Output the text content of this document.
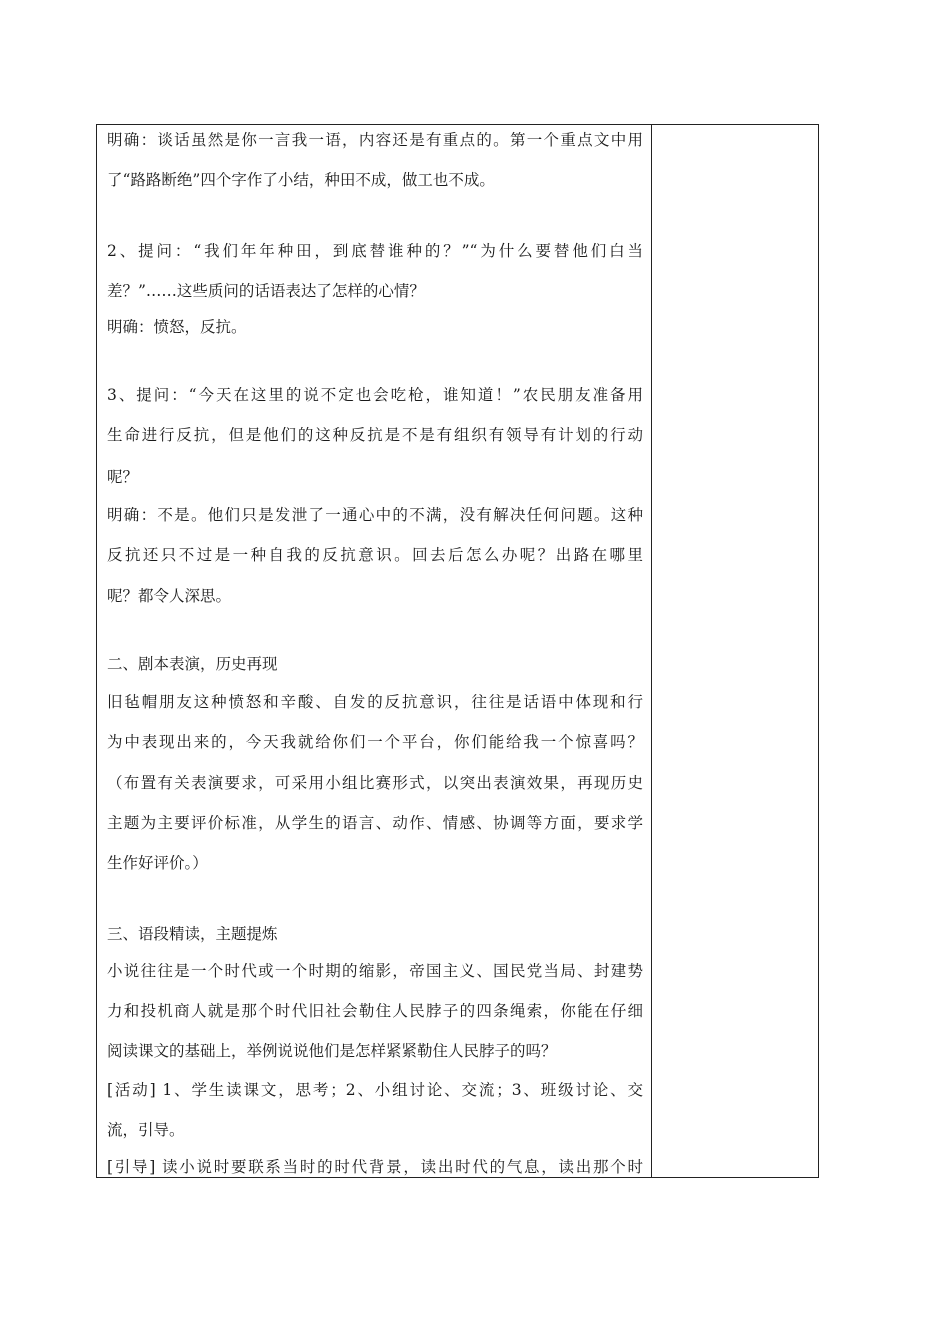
明确：谈话虽然是你一言我一语，内容还是有重点的。第一个重点文中用
了“路路断绝”四个字作了小结，种田不成，做工也不成。
2、提问：“我们年年种田，到底替谁种的？”“为什么要替他们白当
差？”……这些质问的话语表达了怎样的心情？
明确：愤怒，反抗。
3、提问：“今天在这里的说不定也会吃枪，谁知道！”农民朋友准备用
生命进行反抗，但是他们的这种反抗是不是有组织有领导有计划的行动
呢？
明确：不是。他们只是发泄了一通心中的不满，没有解决任何问题。这种
反抗还只不过是一种自我的反抗意识。回去后怎么办呢？出路在哪里
呢？都令人深思。
二、剧本表演，历史再现
旧毡帽朋友这种愤怒和辛酸、自发的反抗意识，往往是话语中体现和行
为中表现出来的，今天我就给你们一个平台，你们能给我一个惊喜吗？
（布置有关表演要求，可采用小组比赛形式，以突出表演效果，再现历史
主题为主要评价标准，从学生的语言、动作、情感、协调等方面，要求学
生作好评价。）
三、语段精读，主题提炼
小说往往是一个时代或一个时期的缩影，帝国主义、国民党当局、封建势
力和投机商人就是那个时代旧社会勒住人民脖子的四条绳索，你能在仔细
阅读课文的基础上，举例说说他们是怎样紧紧勒住人民脖子的吗？
[活动] 1、学生读课文，思考；2、小组讨论、交流；3、班级讨论、交
流，引导。
[引导] 读小说时要联系当时的时代背景，读出时代的气息，读出那个时
